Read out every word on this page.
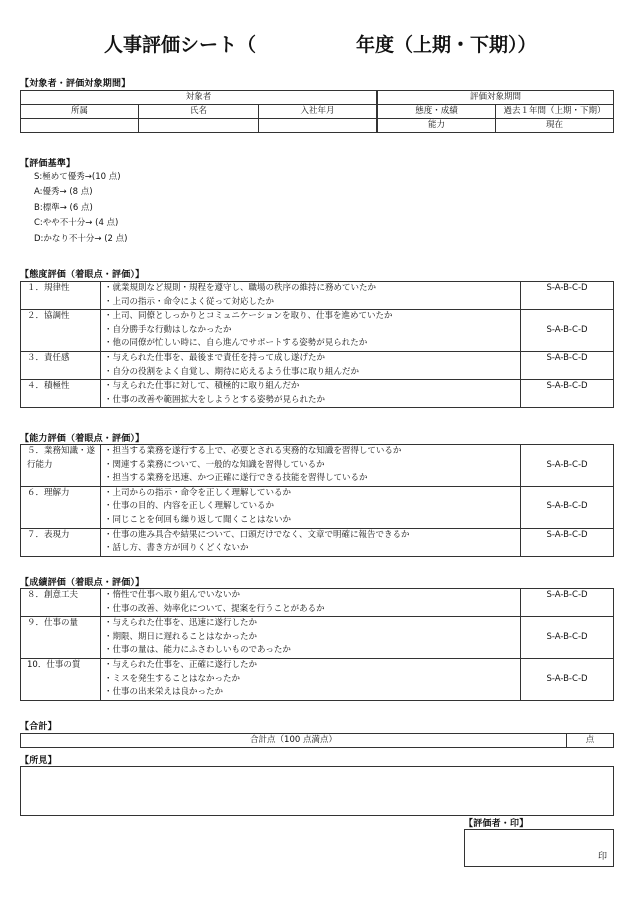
人事評価シート（	年度（上期・下期））
【対象者・評価対象期間】
対象者		
所属	氏名	入社年月

評価対象期間	
態度・成績	過去１年間（上期・下期）
能力	現在
【評価基準】
S:極めて優秀→(10 点)
A:優秀→ (8 点)
B:標準→ (6 点)
C:やや不十分→ (4 点)
D:かなり不十分→ (2 点)
【態度評価（着眼点・評価）】
１．規律性	・就業規則など規則・規程を遵守し、職場の秩序の維持に務めていたか
・上司の指示・命令によく従って対応したか	S-A-B-C-D
２．協調性	・上司、同僚としっかりとコミュニケーションを取り、仕事を進めていたか
・自分勝手な行動はしなかったか
・他の同僚が忙しい時に、自ら進んでサポートする姿勢が見られたか	S-A-B-C-D
３．責任感	・与えられた仕事を、最後まで責任を持って成し遂げたか
・自分の役割をよく自覚し、期待に応えるよう仕事に取り組んだか	S-A-B-C-D
４．積極性	・与えられた仕事に対して、積極的に取り組んだか
・仕事の改善や範囲拡大をしようとする姿勢が見られたか	S-A-B-C-D
【能力評価（着眼点・評価）】
５．業務知識・遂行能力	・担当する業務を遂行する上で、必要とされる実務的な知識を習得しているか
・関連する業務について、一般的な知識を習得しているか
・担当する業務を迅速、かつ正確に遂行できる技能を習得しているか	S-A-B-C-D
６．理解力	・上司からの指示・命令を正しく理解しているか
・仕事の目的、内容を正しく理解しているか
・同じことを何回も繰り返して聞くことはないか	S-A-B-C-D
７．表現力	・仕事の進み具合や結果について、口頭だけでなく、文章で明確に報告できるか
・話し方、書き方が回りくどくないか	S-A-B-C-D
【成績評価（着眼点・評価）】
８．創意工夫	・惰性で仕事へ取り組んでいないか
・仕事の改善、効率化について、提案を行うことがあるか	S-A-B-C-D
９．仕事の量	・与えられた仕事を、迅速に遂行したか
・期限、期日に遅れることはなかったか
・仕事の量は、能力にふさわしいものであったか	S-A-B-C-D
10．仕事の質	・与えられた仕事を、正確に遂行したか
・ミスを発生することはなかったか
・仕事の出来栄えは良かったか	S-A-B-C-D
【合計】
合計点（100 点満点）	点
【所見】
【評価者・印】
印
